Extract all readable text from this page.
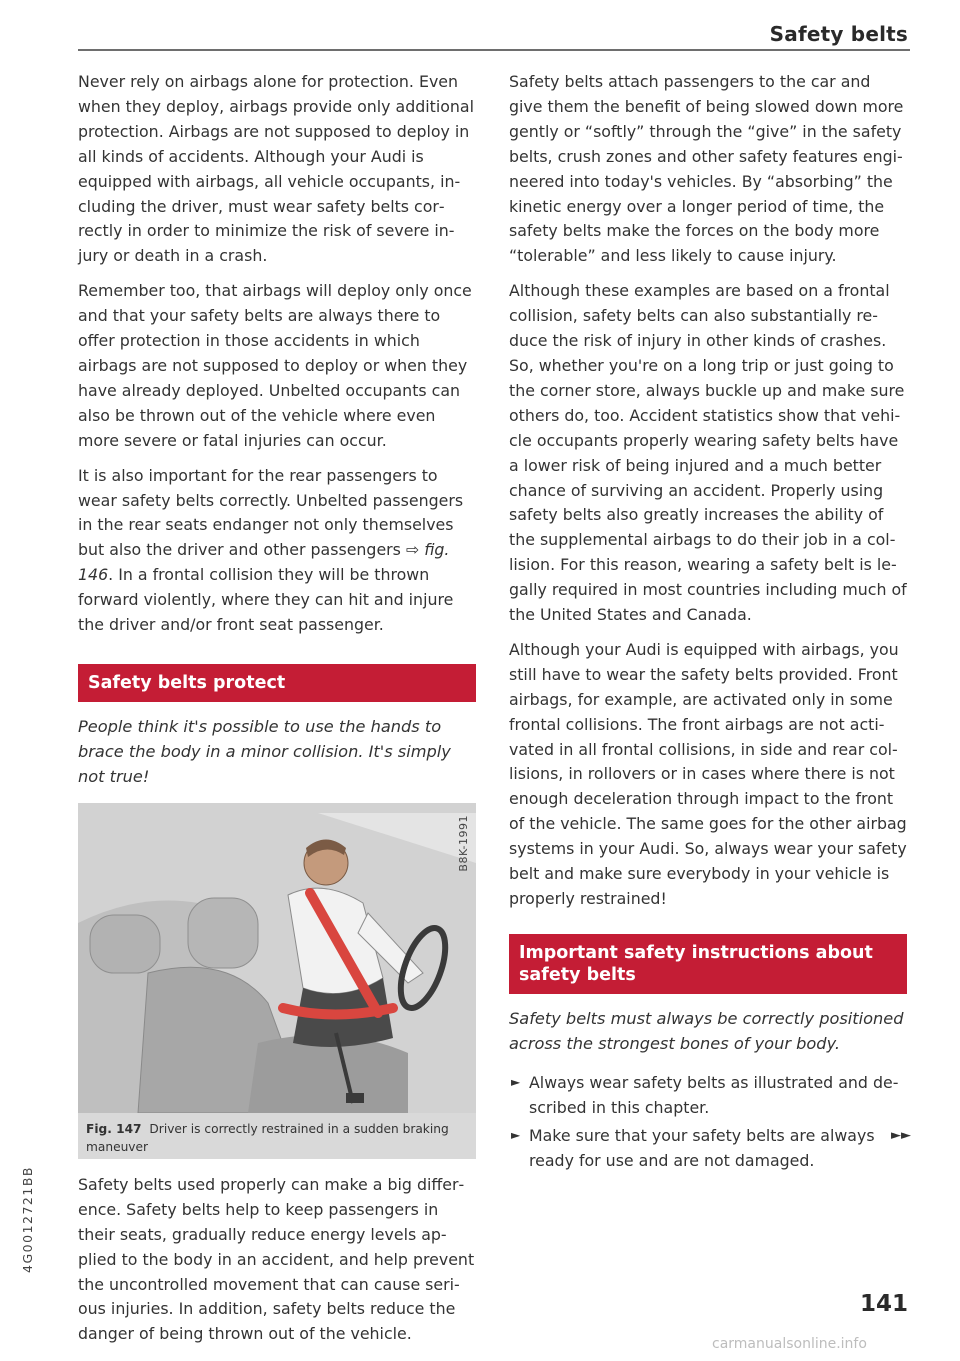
Safety belts

Never rely on airbags alone for protection. Even when they deploy, airbags provide only additional protection. Airbags are not supposed to deploy in all kinds of accidents. Although your Audi is equipped with airbags, all vehicle occupants, including the driver, must wear safety belts correctly in order to minimize the risk of severe injury or death in a crash.

Remember too, that airbags will deploy only once and that your safety belts are always there to offer protection in those accidents in which airbags are not supposed to deploy or when they have already deployed. Unbelted occupants can also be thrown out of the vehicle where even more severe or fatal injuries can occur.

It is also important for the rear passengers to wear safety belts correctly. Unbelted passengers in the rear seats endanger not only themselves but also the driver and other passengers ⇨ fig. 146. In a frontal collision they will be thrown forward violently, where they can hit and injure the driver and/or front seat passenger.

Safety belts protect

People think it's possible to use the hands to brace the body in a minor collision. It's simply not true!

B8K-1991
Fig. 147 Driver is correctly restrained in a sudden braking maneuver

Safety belts used properly can make a big difference. Safety belts help to keep passengers in their seats, gradually reduce energy levels applied to the body in an accident, and help prevent the uncontrolled movement that can cause serious injuries. In addition, safety belts reduce the danger of being thrown out of the vehicle.

Safety belts attach passengers to the car and give them the benefit of being slowed down more gently or “softly” through the “give” in the safety belts, crush zones and other safety features engineered into today's vehicles. By “absorbing” the kinetic energy over a longer period of time, the safety belts make the forces on the body more “tolerable” and less likely to cause injury.

Although these examples are based on a frontal collision, safety belts can also substantially reduce the risk of injury in other kinds of crashes. So, whether you're on a long trip or just going to the corner store, always buckle up and make sure others do, too. Accident statistics show that vehicle occupants properly wearing safety belts have a lower risk of being injured and a much better chance of surviving an accident. Properly using safety belts also greatly increases the ability of the supplemental airbags to do their job in a collision. For this reason, wearing a safety belt is legally required in most countries including much of the United States and Canada.

Although your Audi is equipped with airbags, you still have to wear the safety belts provided. Front airbags, for example, are activated only in some frontal collisions. The front airbags are not activated in all frontal collisions, in side and rear collisions, in rollovers or in cases where there is not enough deceleration through impact to the front of the vehicle. The same goes for the other airbag systems in your Audi. So, always wear your safety belt and make sure everybody in your vehicle is properly restrained!

Important safety instructions about safety belts

Safety belts must always be correctly positioned across the strongest bones of your body.

► Always wear safety belts as illustrated and described in this chapter.
► Make sure that your safety belts are always ready for use and are not damaged.
►►
141
4G0012721BB
carmanualsonline.info
